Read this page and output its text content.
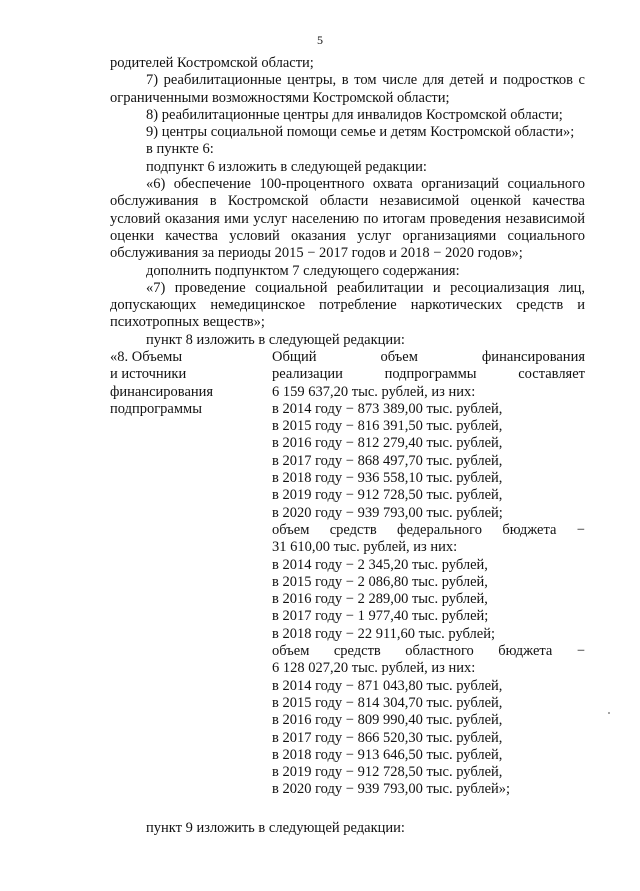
5
родителей Костромской области;
7) реабилитационные центры, в том числе для детей и подростков с
ограниченными возможностями Костромской области;
8) реабилитационные центры для инвалидов Костромской области;
9) центры социальной помощи семье и детям Костромской области»;
в пункте 6:
подпункт 6 изложить в следующей редакции:
«6) обеспечение 100-процентного охвата организаций социального
обслуживания в Костромской области независимой оценкой качества
условий оказания ими услуг населению по итогам проведения независимой
оценки качества условий оказания услуг организациями социального
обслуживания за периоды 2015 − 2017 годов и 2018 − 2020 годов»;
дополнить подпунктом 7 следующего содержания:
«7) проведение социальной реабилитации и ресоциализация лиц,
допускающих немедицинское потребление наркотических средств и
психотропных веществ»;
пункт 8 изложить в следующей редакции:
«8. Объемы
и источники
финансирования
подпрограммы
Общий объем финансирования
реализации подпрограммы составляет
6 159 637,20 тыс. рублей, из них:
в 2014 году − 873 389,00 тыс. рублей,
в 2015 году − 816 391,50 тыс. рублей,
в 2016 году − 812 279,40 тыс. рублей,
в 2017 году − 868 497,70 тыс. рублей,
в 2018 году − 936 558,10 тыс. рублей,
в 2019 году − 912 728,50 тыс. рублей,
в 2020 году − 939 793,00 тыс. рублей;
объем средств федерального бюджета −
31 610,00 тыс. рублей, из них:
в 2014 году − 2 345,20 тыс. рублей,
в 2015 году − 2 086,80 тыс. рублей,
в 2016 году − 2 289,00 тыс. рублей,
в 2017 году − 1 977,40 тыс. рублей;
в 2018 году − 22 911,60 тыс. рублей;
объем средств областного бюджета −
6 128 027,20 тыс. рублей, из них:
в 2014 году − 871 043,80 тыс. рублей,
в 2015 году − 814 304,70 тыс. рублей,
в 2016 году − 809 990,40 тыс. рублей,
в 2017 году − 866 520,30 тыс. рублей,
в 2018 году − 913 646,50 тыс. рублей,
в 2019 году − 912 728,50 тыс. рублей,
в 2020 году − 939 793,00 тыс. рублей»;
пункт 9 изложить в следующей редакции:
